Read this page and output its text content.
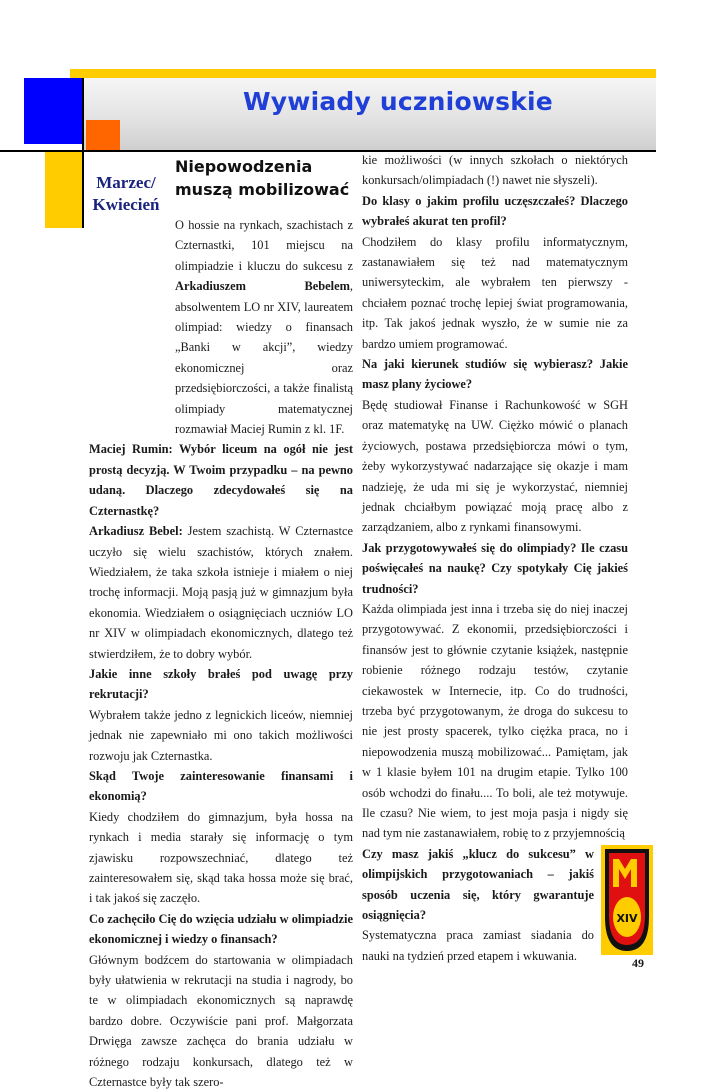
Wywiady uczniowskie
Marzec/
Kwiecień
Niepowodzenia
muszą mobilizować

O hossie na rynkach, szachistach z Czternastki, 101 miejscu na olimpiadzie i kluczu do sukcesu z Arkadiuszem Bebelem, absolwentem LO nr XIV, laureatem olimpiad: wiedzy o finansach „Banki w akcji”, wiedzy ekonomicznej oraz przedsiębiorczości, a także finalistą olimpiady matematycznej rozmawiał Maciej Rumin z kl. 1F.

Maciej Rumin: Wybór liceum na ogół nie jest prostą decyzją. W Twoim przypadku – na pewno udaną. Dlaczego zdecydowałeś się na Czternastkę?

Arkadiusz Bebel: Jestem szachistą. W Czternastce uczyło się wielu szachistów, których znałem. Wiedziałem, że taka szkoła istnieje i miałem o niej trochę informacji. Moją pasją już w gimnazjum była ekonomia. Wiedziałem o osiągnięciach uczniów LO nr XIV w olimpiadach ekonomicznych, dlatego też stwierdziłem, że to dobry wybór.

Jakie inne szkoły brałeś pod uwagę przy rekrutacji?

Wybrałem także jedno z legnickich liceów, niemniej jednak nie zapewniało mi ono takich możliwości rozwoju jak Czternastka.

Skąd Twoje zainteresowanie finansami i ekonomią?

Kiedy chodziłem do gimnazjum, była hossa na rynkach i media starały się informację o tym zjawisku rozpowszechniać, dlatego też zainteresowałem się, skąd taka hossa może się brać, i tak jakoś się zaczęło.

Co zachęciło Cię do wzięcia udziału w olimpiadzie ekonomicznej i wiedzy o finansach?

Głównym bodźcem do startowania w olimpiadach były ułatwienia w rekrutacji na studia i nagrody, bo te w olimpiadach ekonomicznych są naprawdę bardzo dobre. Oczywiście pani prof. Małgorzata Drwięga zawsze zachęca do brania udziału w różnego rodzaju konkursach, dlatego też w Czternastce były tak szero-

kie możliwości (w innych szkołach o niektórych konkursach/olimpiadach (!) nawet nie słyszeli).

Do klasy o jakim profilu uczęszczałeś? Dlaczego wybrałeś akurat ten profil?

Chodziłem do klasy profilu informatycznym, zastanawiałem się też nad matematycznym uniwersyteckim, ale wybrałem ten pierwszy - chciałem poznać trochę lepiej świat programowania, itp. Tak jakoś jednak wyszło, że w sumie nie za bardzo umiem programować.

Na jaki kierunek studiów się wybierasz? Jakie masz plany życiowe?

Będę studiował Finanse i Rachunkowość w SGH oraz matematykę na UW. Ciężko mówić o planach życiowych, postawa przedsiębiorcza mówi o tym, żeby wykorzystywać nadarzające się okazje i mam nadzieję, że uda mi się je wykorzystać, niemniej jednak chciałbym powiązać moją pracę albo z zarządzaniem, albo z rynkami finansowymi.

Jak przygotowywałeś się do olimpiady? Ile czasu poświęcałeś na naukę? Czy spotykały Cię jakieś trudności?

Każda olimpiada jest inna i trzeba się do niej inaczej przygotowywać. Z ekonomii, przedsiębiorczości i finansów jest to głównie czytanie książek, następnie robienie różnego rodzaju testów, czytanie ciekawostek w Internecie, itp. Co do trudności, trzeba być przygotowanym, że droga do sukcesu to nie jest prosty spacerek, tylko ciężka praca, no i niepowodzenia muszą mobilizować... Pamiętam, jak w 1 klasie byłem 101 na drugim etapie. Tylko 100 osób wchodzi do finału.... To boli, ale też motywuje. Ile czasu? Nie wiem, to jest moja pasja i nigdy się nad tym nie zastanawiałem, robię to z przyjemnością

Czy masz jakiś „klucz do sukcesu” w olimpijskich przygotowaniach – jakiś sposób uczenia się, który gwarantuje osiągnięcia?

Systematyczna praca zamiast siadania do nauki na tydzień przed etapem i wkuwania.

XIV
49
